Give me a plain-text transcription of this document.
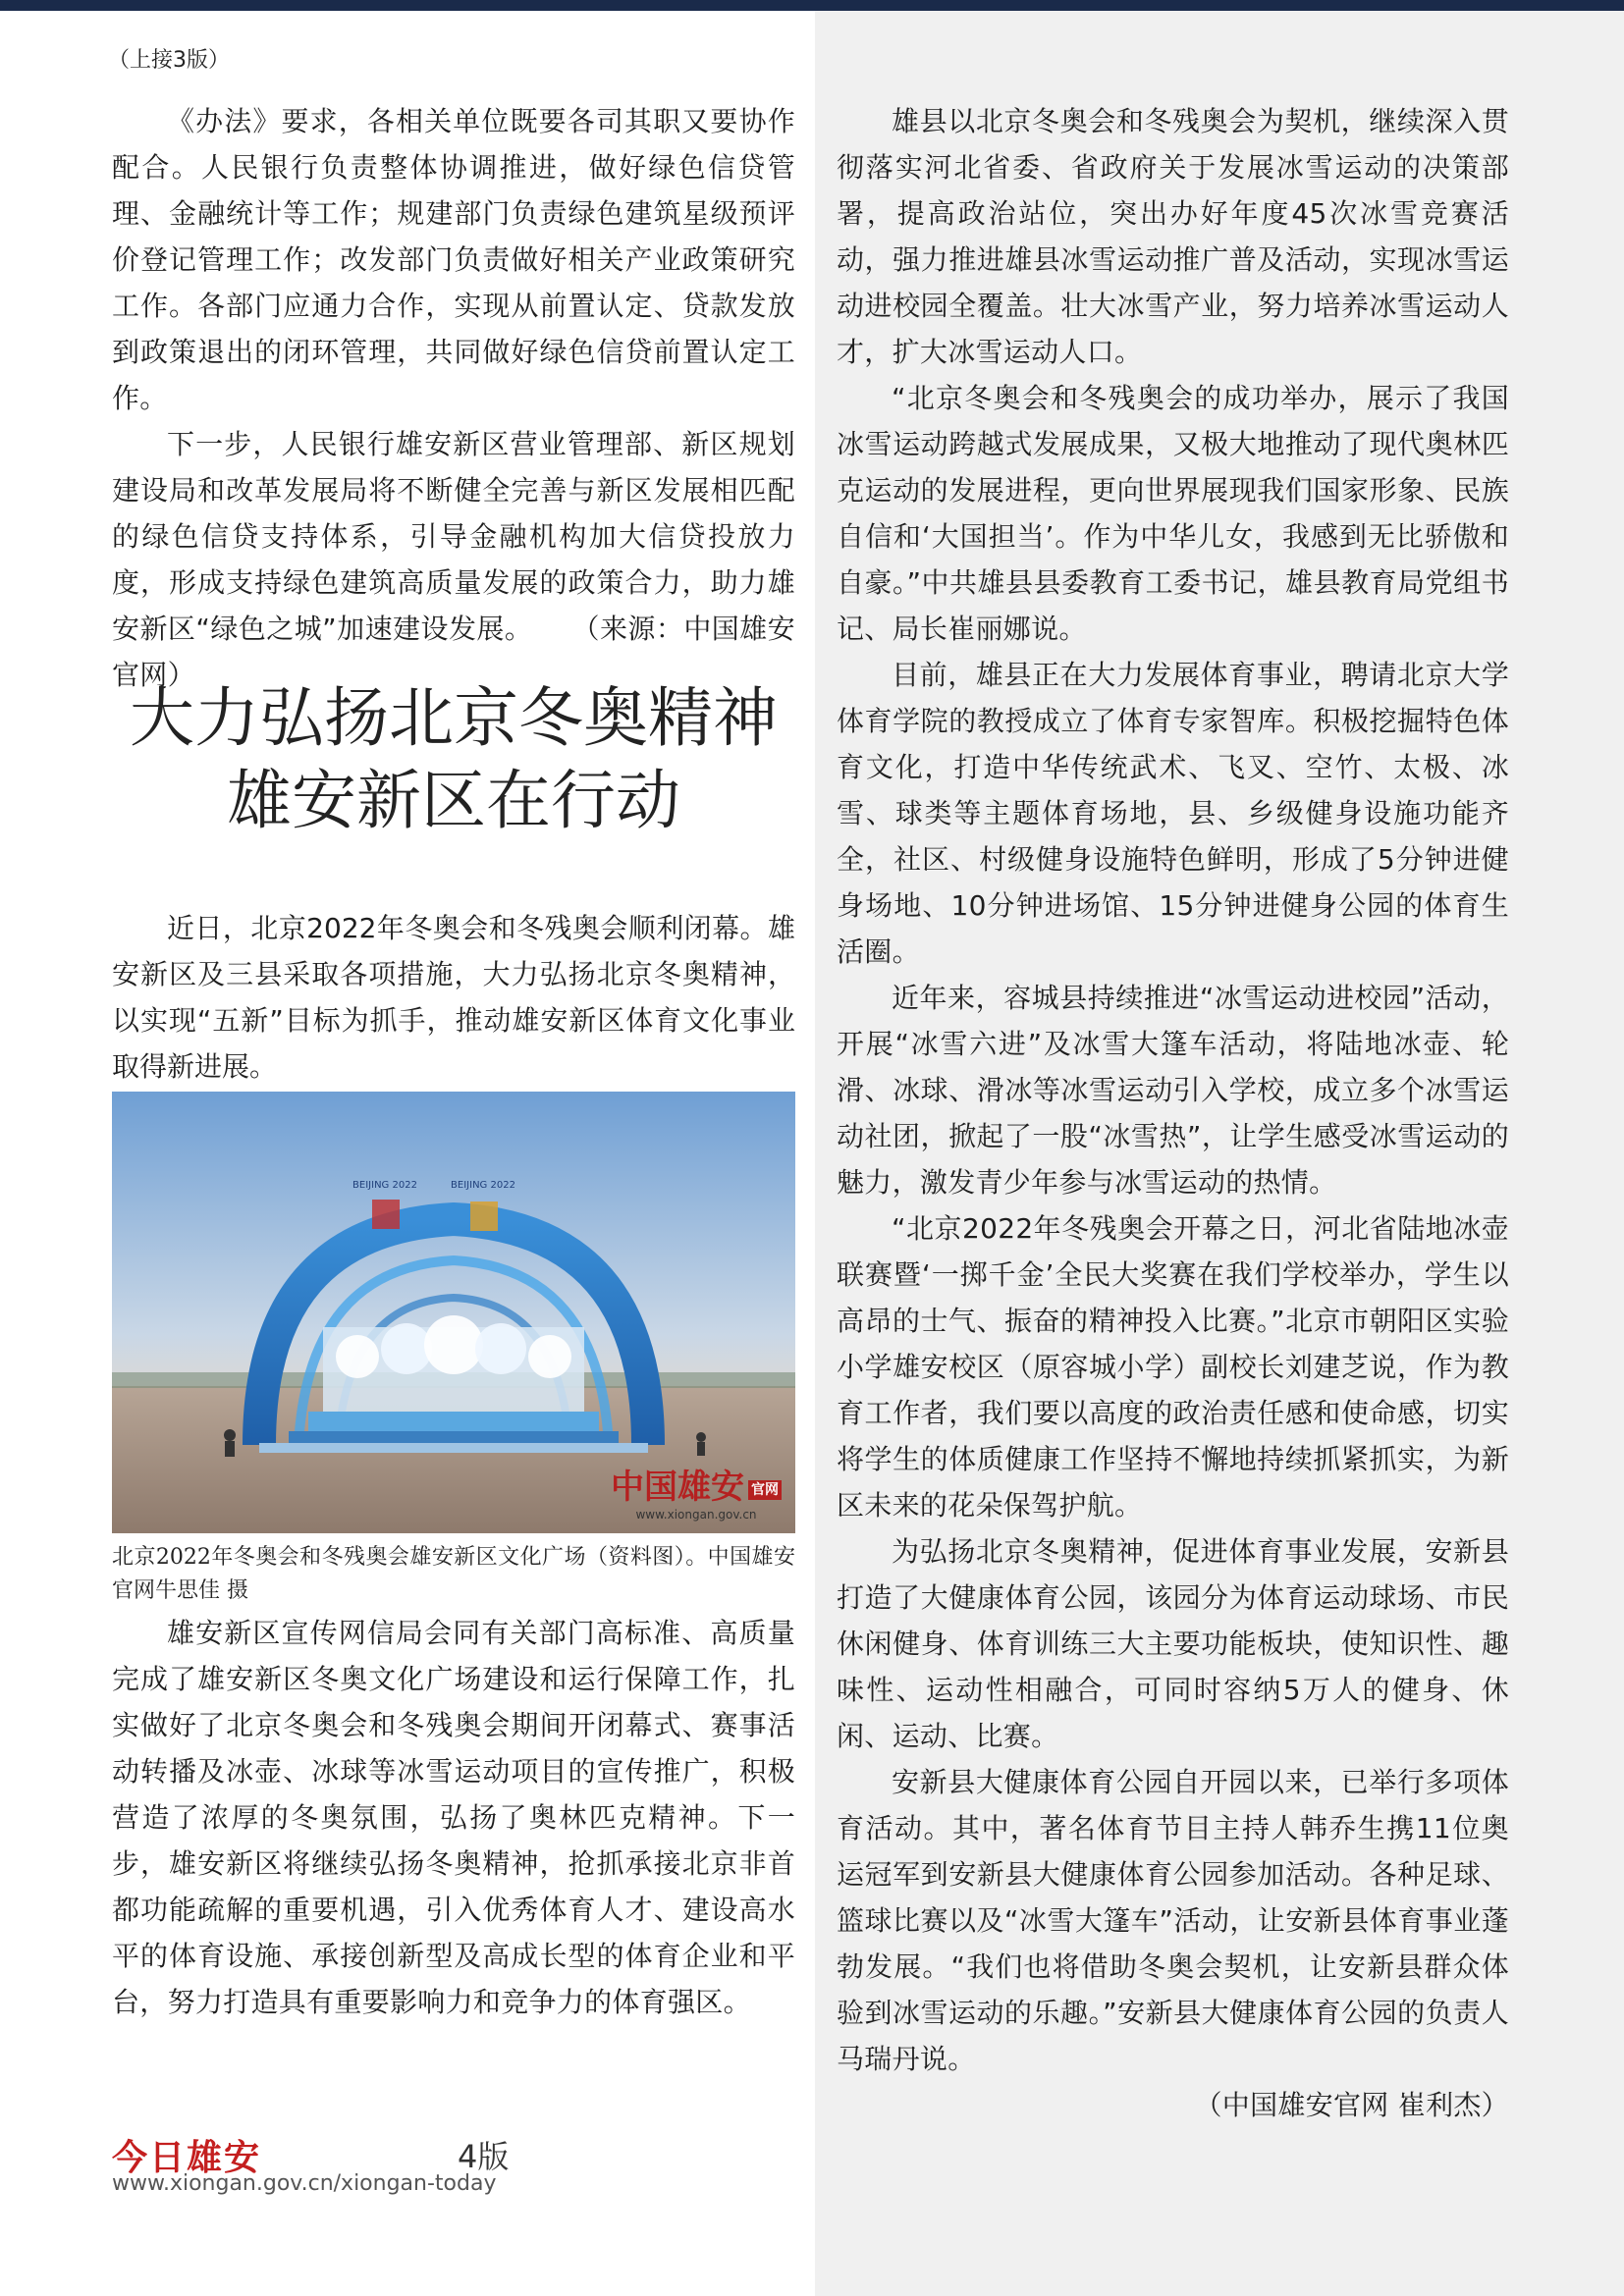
（上接3版）

《办法》要求，各相关单位既要各司其职又要协作配合。人民银行负责整体协调推进，做好绿色信贷管理、金融统计等工作；规建部门负责绿色建筑星级预评价登记管理工作；改发部门负责做好相关产业政策研究工作。各部门应通力合作，实现从前置认定、贷款发放到政策退出的闭环管理，共同做好绿色信贷前置认定工作。

下一步，人民银行雄安新区营业管理部、新区规划建设局和改革发展局将不断健全完善与新区发展相匹配的绿色信贷支持体系，引导金融机构加大信贷投放力度，形成支持绿色建筑高质量发展的政策合力，助力雄安新区“绿色之城”加速建设发展。 （来源：中国雄安官网）

大力弘扬北京冬奥精神
雄安新区在行动

近日，北京2022年冬奥会和冬残奥会顺利闭幕。雄安新区及三县采取各项措施，大力弘扬北京冬奥精神，以实现“五新”目标为抓手，推动雄安新区体育文化事业取得新进展。

BEIJING 2022	BEIJING 2022
中国雄安 官网
www.xiongan.gov.cn
北京2022年冬奥会和冬残奥会雄安新区文化广场（资料图）。中国雄安官网牛思佳 摄

雄安新区宣传网信局会同有关部门高标准、高质量完成了雄安新区冬奥文化广场建设和运行保障工作，扎实做好了北京冬奥会和冬残奥会期间开闭幕式、赛事活动转播及冰壶、冰球等冰雪运动项目的宣传推广，积极营造了浓厚的冬奥氛围，弘扬了奥林匹克精神。下一步，雄安新区将继续弘扬冬奥精神，抢抓承接北京非首都功能疏解的重要机遇，引入优秀体育人才、建设高水平的体育设施、承接创新型及高成长型的体育企业和平台，努力打造具有重要影响力和竞争力的体育强区。

雄县以北京冬奥会和冬残奥会为契机，继续深入贯彻落实河北省委、省政府关于发展冰雪运动的决策部署，提高政治站位，突出办好年度45次冰雪竞赛活动，强力推进雄县冰雪运动推广普及活动，实现冰雪运动进校园全覆盖。壮大冰雪产业，努力培养冰雪运动人才，扩大冰雪运动人口。

“北京冬奥会和冬残奥会的成功举办，展示了我国冰雪运动跨越式发展成果，又极大地推动了现代奥林匹克运动的发展进程，更向世界展现我们国家形象、民族自信和‘大国担当’。作为中华儿女，我感到无比骄傲和自豪。”中共雄县县委教育工委书记，雄县教育局党组书记、局长崔丽娜说。

目前，雄县正在大力发展体育事业，聘请北京大学体育学院的教授成立了体育专家智库。积极挖掘特色体育文化，打造中华传统武术、飞叉、空竹、太极、冰雪、球类等主题体育场地，县、乡级健身设施功能齐全，社区、村级健身设施特色鲜明，形成了5分钟进健身场地、10分钟进场馆、15分钟进健身公园的体育生活圈。

近年来，容城县持续推进“冰雪运动进校园”活动，开展“冰雪六进”及冰雪大篷车活动，将陆地冰壶、轮滑、冰球、滑冰等冰雪运动引入学校，成立多个冰雪运动社团，掀起了一股“冰雪热”，让学生感受冰雪运动的魅力，激发青少年参与冰雪运动的热情。

“北京2022年冬残奥会开幕之日，河北省陆地冰壶联赛暨‘一掷千金’全民大奖赛在我们学校举办，学生以高昂的士气、振奋的精神投入比赛。”北京市朝阳区实验小学雄安校区（原容城小学）副校长刘建芝说，作为教育工作者，我们要以高度的政治责任感和使命感，切实将学生的体质健康工作坚持不懈地持续抓紧抓实，为新区未来的花朵保驾护航。

为弘扬北京冬奥精神，促进体育事业发展，安新县打造了大健康体育公园，该园分为体育运动球场、市民休闲健身、体育训练三大主要功能板块，使知识性、趣味性、运动性相融合，可同时容纳5万人的健身、休闲、运动、比赛。

安新县大健康体育公园自开园以来，已举行多项体育活动。其中，著名体育节目主持人韩乔生携11位奥运冠军到安新县大健康体育公园参加活动。各种足球、篮球比赛以及“冰雪大篷车”活动，让安新县体育事业蓬勃发展。“我们也将借助冬奥会契机，让安新县群众体验到冰雪运动的乐趣。”安新县大健康体育公园的负责人马瑞丹说。

（中国雄安官网 崔利杰）

今日雄安	4版
www.xiongan.gov.cn/xiongan-today
